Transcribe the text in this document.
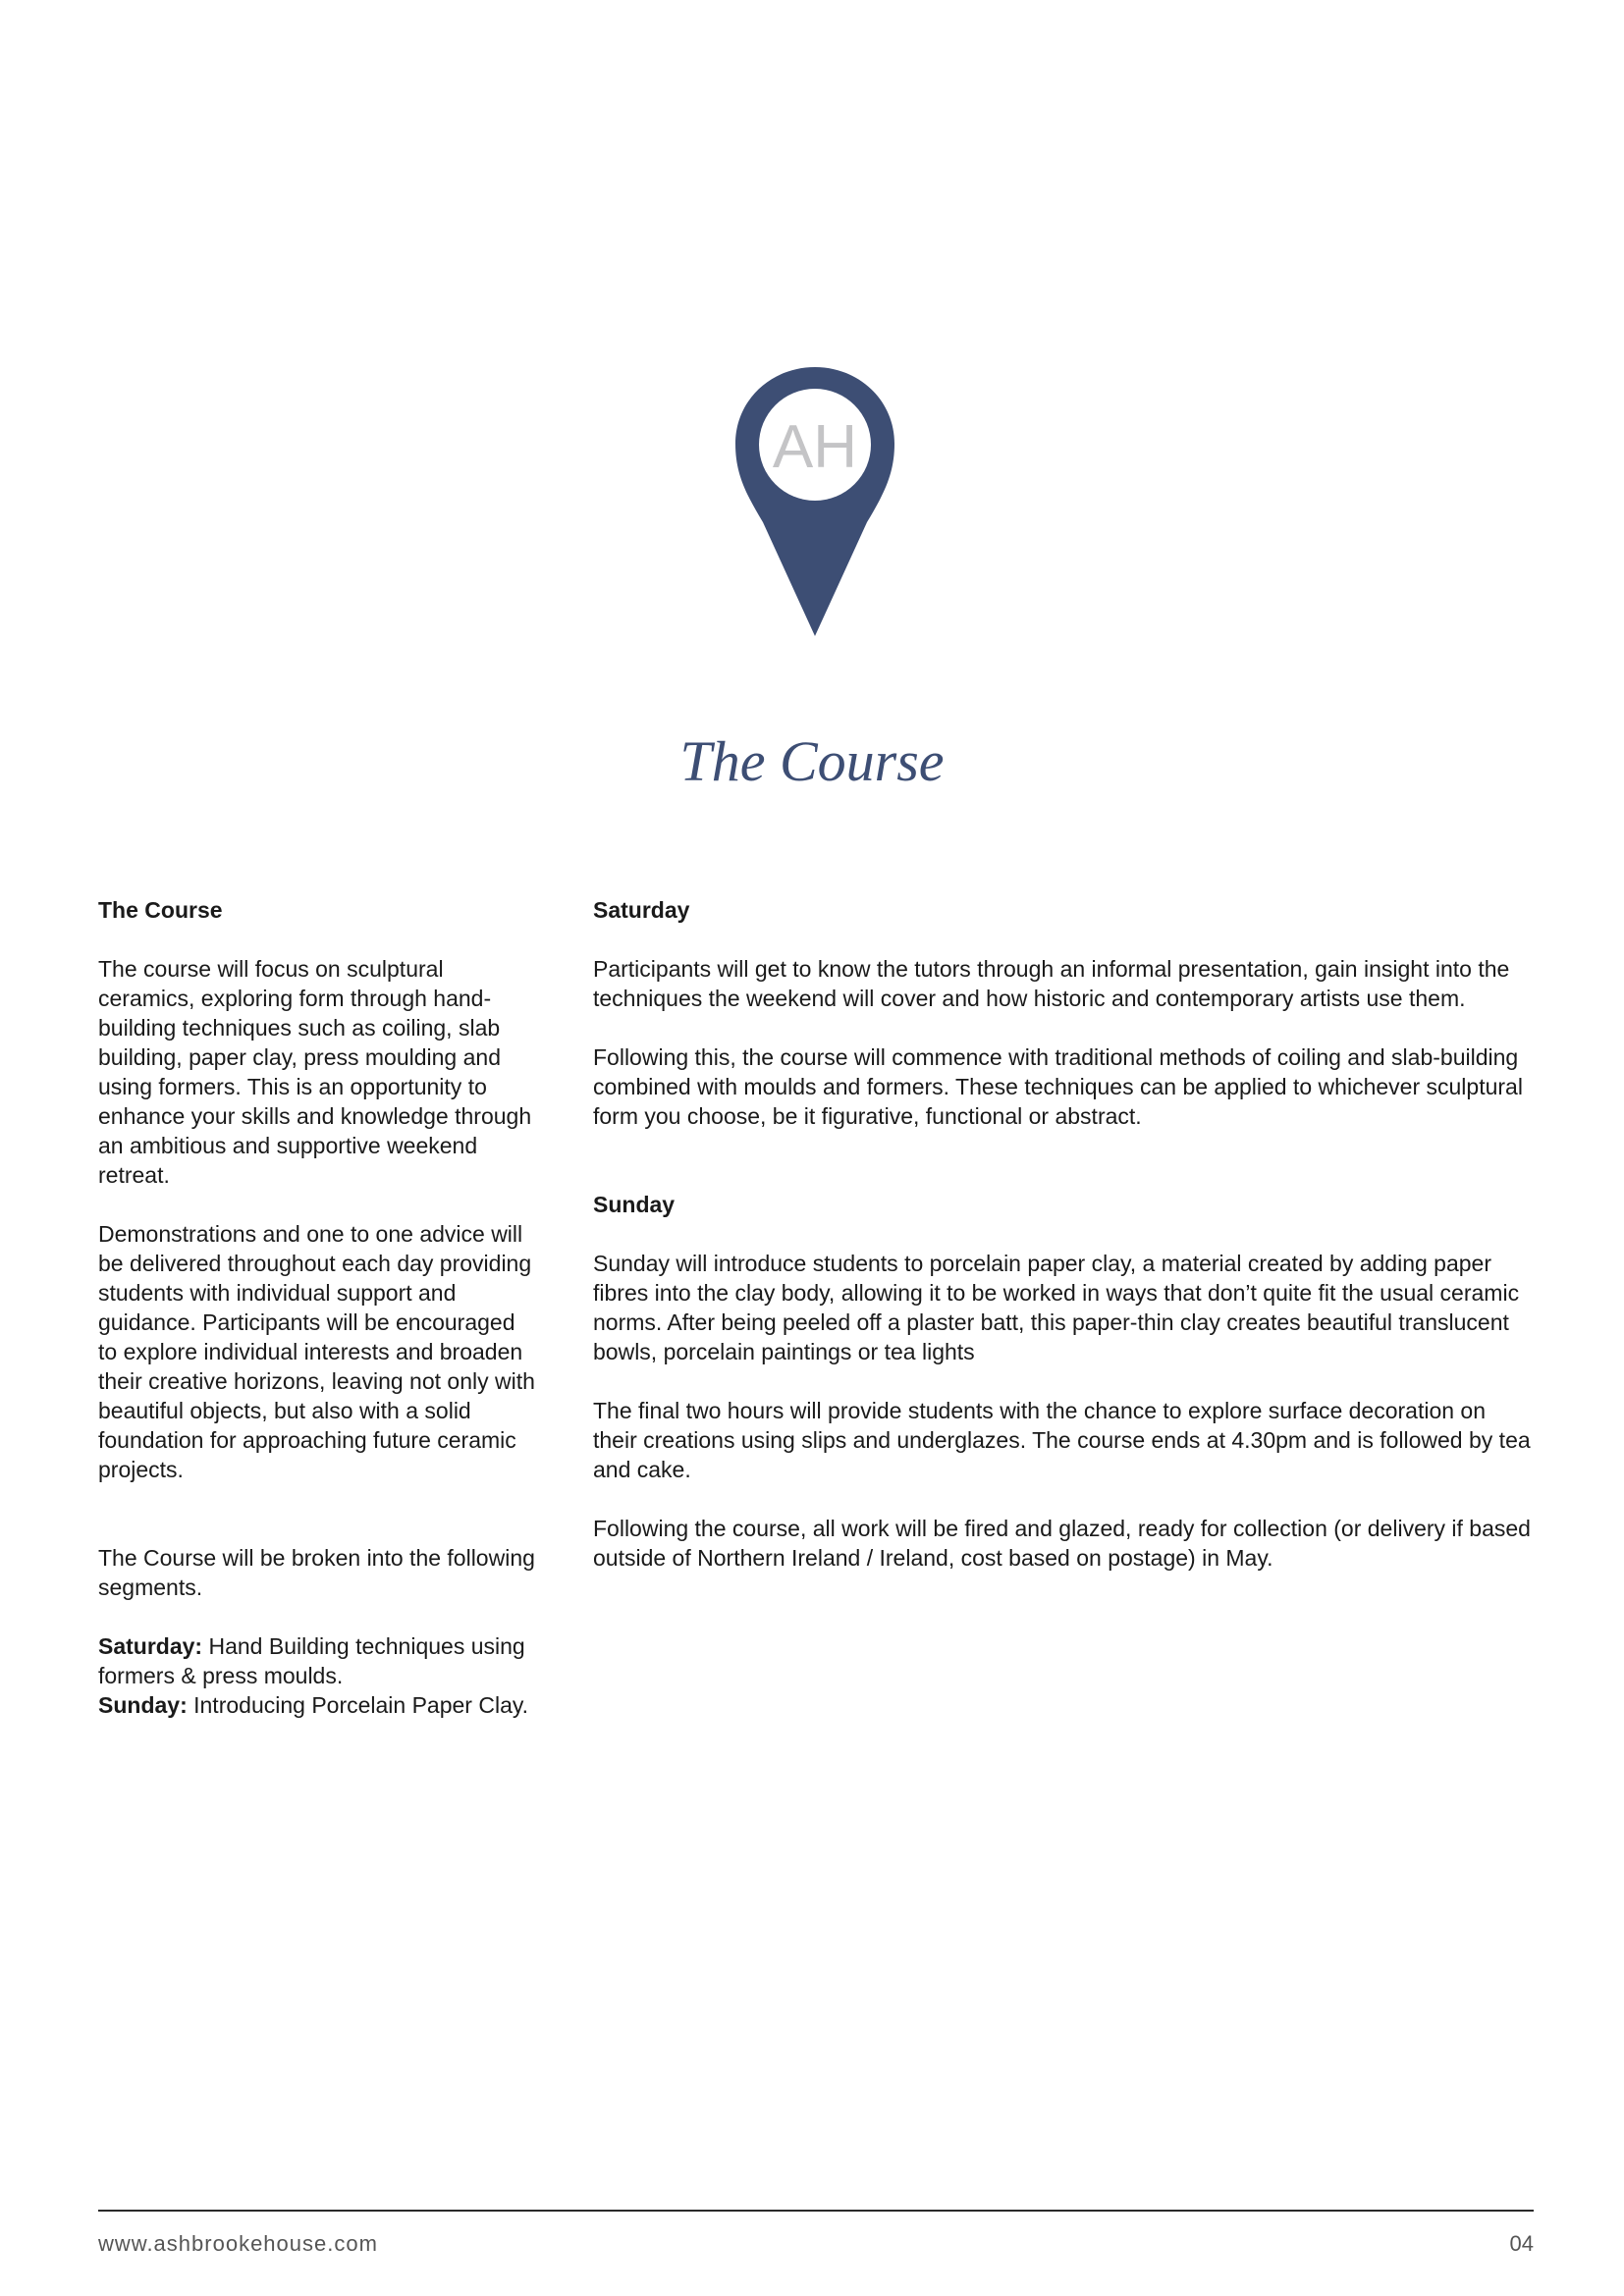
AH
The Course

The Course

The course will focus on sculptural ceramics, exploring form through hand-building techniques such as coiling, slab building, paper clay, press moulding and using formers. This is an opportunity to enhance your skills and knowledge through an ambitious and supportive weekend retreat.

Demonstrations and one to one advice will be delivered throughout each day providing students with individual support and guidance. Participants will be encouraged to explore individual interests and broaden their creative horizons, leaving not only with beautiful objects, but also with a solid foundation for approaching future ceramic projects.

The Course will be broken into the following segments.

Saturday: Hand Building techniques using formers & press moulds.

Sunday: Introducing Porcelain Paper Clay.

Saturday

Participants will get to know the tutors through an informal presentation, gain insight into the techniques the weekend will cover and how historic and contemporary artists use them.

Following this, the course will commence with traditional methods of coiling and slab-building combined with moulds and formers. These techniques can be applied to whichever sculptural form you choose, be it figurative, functional or abstract.

Sunday

Sunday will introduce students to porcelain paper clay, a material created by adding paper fibres into the clay body, allowing it to be worked in ways that don’t quite fit the usual ceramic norms. After being peeled off a plaster batt, this paper-thin clay creates beautiful translucent bowls, porcelain paintings or tea lights

The final two hours will provide students with the chance to explore surface decoration on their creations using slips and underglazes. The course ends at 4.30pm and is followed by tea and cake.

Following the course, all work will be fired and glazed, ready for collection (or delivery if based outside of Northern Ireland / Ireland, cost based on postage) in May.

www.ashbrookehouse.com	04
